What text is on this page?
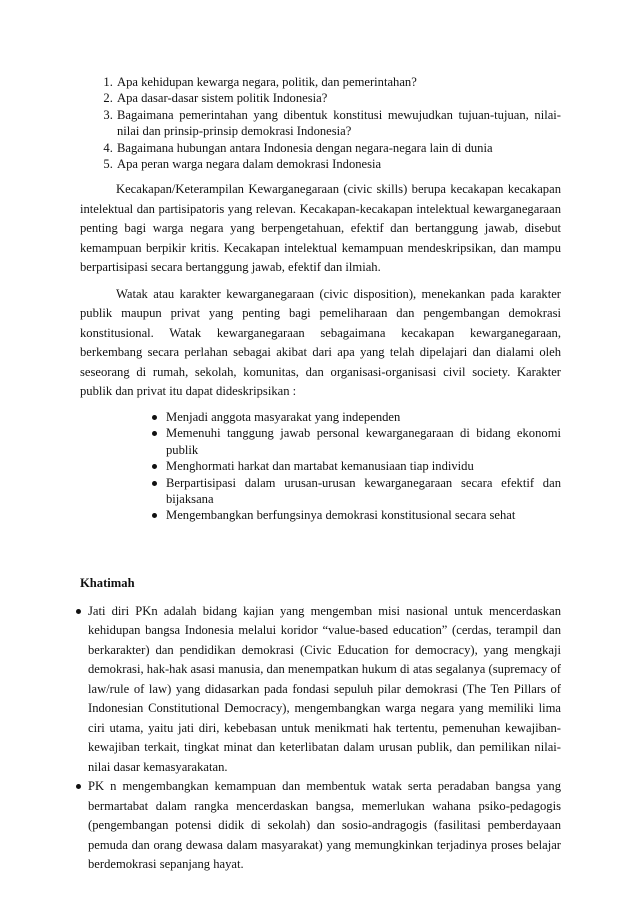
1. Apa kehidupan kewarga negara, politik, dan pemerintahan?
2. Apa dasar-dasar sistem politik Indonesia?
3. Bagaimana pemerintahan yang dibentuk konstitusi mewujudkan tujuan-tujuan, nilai-nilai dan prinsip-prinsip demokrasi Indonesia?
4. Bagaimana hubungan antara Indonesia dengan negara-negara lain di dunia
5. Apa peran warga negara dalam demokrasi Indonesia

Kecakapan/Keterampilan Kewarganegaraan (civic skills) berupa kecakapan kecakapan intelektual dan partisipatoris yang relevan. Kecakapan-kecakapan intelektual kewarganegaraan penting bagi warga negara yang berpengetahuan, efektif dan bertanggung jawab, disebut kemampuan berpikir kritis. Kecakapan intelektual kemampuan mendeskripsikan, dan mampu berpartisipasi secara bertanggung jawab, efektif dan ilmiah.

Watak atau karakter kewarganegaraan (civic disposition), menekankan pada karakter publik maupun privat yang penting bagi pemeliharaan dan pengembangan demokrasi konstitusional. Watak kewarganegaraan sebagaimana kecakapan kewarganegaraan, berkembang secara perlahan sebagai akibat dari apa yang telah dipelajari dan dialami oleh seseorang di rumah, sekolah, komunitas, dan organisasi-organisasi civil society. Karakter publik dan privat itu dapat dideskripsikan :

Menjadi anggota masyarakat yang independen
Memenuhi tanggung jawab personal kewarganegaraan di bidang ekonomi publik
Menghormati harkat dan martabat kemanusiaan tiap individu
Berpartisipasi dalam urusan-urusan kewarganegaraan secara efektif dan bijaksana
Mengembangkan berfungsinya demokrasi konstitusional secara sehat
Khatimah
Jati diri PKn adalah bidang kajian yang mengemban misi nasional untuk mencerdaskan kehidupan bangsa Indonesia melalui koridor “value-based education” (cerdas, terampil dan berkarakter) dan pendidikan demokrasi (Civic Education for democracy), yang mengkaji demokrasi, hak-hak asasi manusia, dan menempatkan hukum di atas segalanya (supremacy of law/rule of law) yang didasarkan pada fondasi sepuluh pilar demokrasi (The Ten Pillars of Indonesian Constitutional Democracy), mengembangkan warga negara yang memiliki lima ciri utama, yaitu jati diri, kebebasan untuk menikmati hak tertentu, pemenuhan kewajiban-kewajiban terkait, tingkat minat dan keterlibatan dalam urusan publik, dan pemilikan nilai-nilai dasar kemasyarakatan.
PK n mengembangkan kemampuan dan membentuk watak serta peradaban bangsa yang bermartabat dalam rangka mencerdaskan bangsa, memerlukan wahana psiko-pedagogis (pengembangan potensi didik di sekolah) dan sosio-andragogis (fasilitasi pemberdayaan pemuda dan orang dewasa dalam masyarakat) yang memungkinkan terjadinya proses belajar berdemokrasi sepanjang hayat.
